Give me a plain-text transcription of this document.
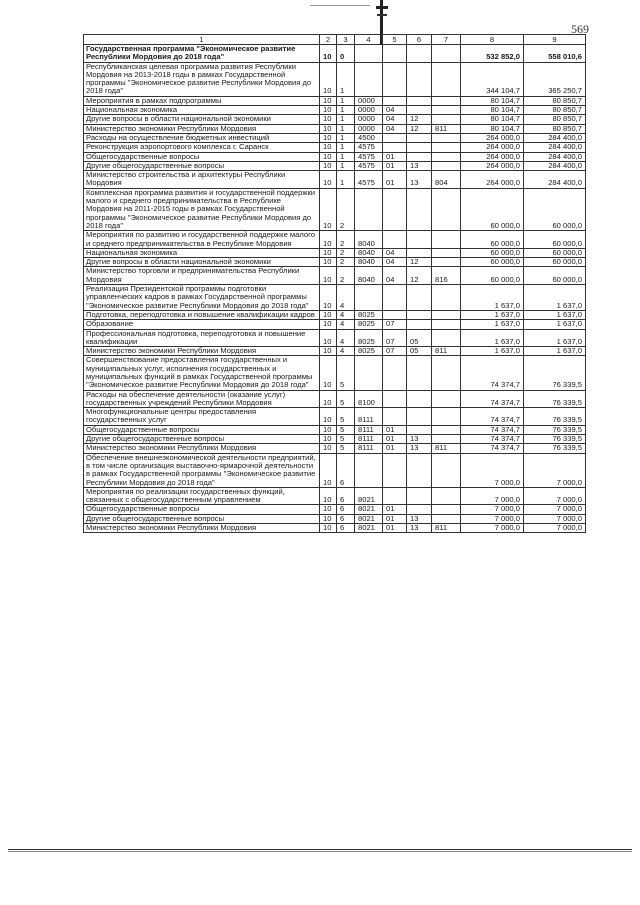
569
1	2	3	4	5	6	7	8	9
Государственная программа "Экономическое развитие Республики Мордовия до 2018 года"	10	0					532 852,0	558 010,6
Республиканская целевая программа развития Республики Мордовия на 2013-2018 годы в рамках Государственной программы "Экономическое развитие Республики Мордовия до 2018 года"	10	1					344 104,7	365 250,7
Мероприятия в рамках подпрограммы	10	1	0000				80 104,7	80 850,7
Национальная экономика	10	1	0000	04			80 104,7	80 850,7
Другие вопросы в области национальной экономики	10	1	0000	04	12		80 104,7	80 850,7
Министерство экономики Республики Мордовия	10	1	0000	04	12	811	80 104,7	80 850,7
Расходы на осуществление бюджетных инвестиций	10	1	4500				264 000,0	284 400,0
Реконструкция аэропортового комплекса г. Саранск	10	1	4575				264 000,0	284 400,0
Общегосударственные вопросы	10	1	4575	01			264 000,0	284 400,0
Другие общегосударственные вопросы	10	1	4575	01	13		264 000,0	284 400,0
Министерство строительства и архитектуры Республики Мордовия	10	1	4575	01	13	804	264 000,0	284 400,0
Комплексная программа развития и государственной поддержки малого и среднего предпринимательства в Республике Мордовия на 2011-2015 годы в рамках Государственной программы "Экономическое развитие Республики Мордовия до 2018 года"	10	2					60 000,0	60 000,0
Мероприятия по развитию и государственной поддержке малого и среднего предпринимательства в Республике Мордовия	10	2	8040				60 000,0	60 000,0
Национальная экономика	10	2	8040	04			60 000,0	60 000,0
Другие вопросы в области национальной экономики	10	2	8040	04	12		60 000,0	60 000,0
Министерство торговли и предпринимательства Республики Мордовия	10	2	8040	04	12	816	60 000,0	60 000,0
Реализация Президентской программы подготовки управленческих кадров в рамках Государственной программы "Экономическое развитие Республики Мордовия до 2018 года"	10	4					1 637,0	1 637,0
Подготовка, переподготовка и повышение квалификации кадров	10	4	8025				1 637,0	1 637,0
Образование	10	4	8025	07			1 637,0	1 637,0
Профессиональная подготовка, переподготовка и повышение квалификации	10	4	8025	07	05		1 637,0	1 637,0
Министерство экономики Республики Мордовия	10	4	8025	07	05	811	1 637,0	1 637,0
Совершенствование предоставления государственных и муниципальных услуг, исполнения государственных и муниципальных функций в рамках Государственной программы "Экономическое развитие Республики Мордовия до 2018 года"	10	5					74 374,7	76 339,5
Расходы на обеспечение деятельности (оказание услуг) государственных учреждений Республики Мордовия	10	5	8100				74 374,7	76 339,5
Многофункциональные центры предоставления государственных услуг	10	5	8111				74 374,7	76 339,5
Общегосударственные вопросы	10	5	8111	01			74 374,7	76 339,5
Другие общегосударственные вопросы	10	5	8111	01	13		74 374,7	76 339,5
Министерство экономики Республики Мордовия	10	5	8111	01	13	811	74 374,7	76 339,5
Обеспечение внешнеэкономической деятельности предприятий, в том числе организация выставочно-ярмарочной деятельности в рамках Государственной программы "Экономическое развитие Республики Мордовия до 2018 года"	10	6					7 000,0	7 000,0
Мероприятия по реализации государственных функций, связанных с общегосударственным управлением	10	6	8021				7 000,0	7 000,0
Общегосударственные вопросы	10	6	8021	01			7 000,0	7 000,0
Другие общегосударственные вопросы	10	6	8021	01	13		7 000,0	7 000,0
Министерство экономики Республики Мордовия	10	6	8021	01	13	811	7 000,0	7 000,0
